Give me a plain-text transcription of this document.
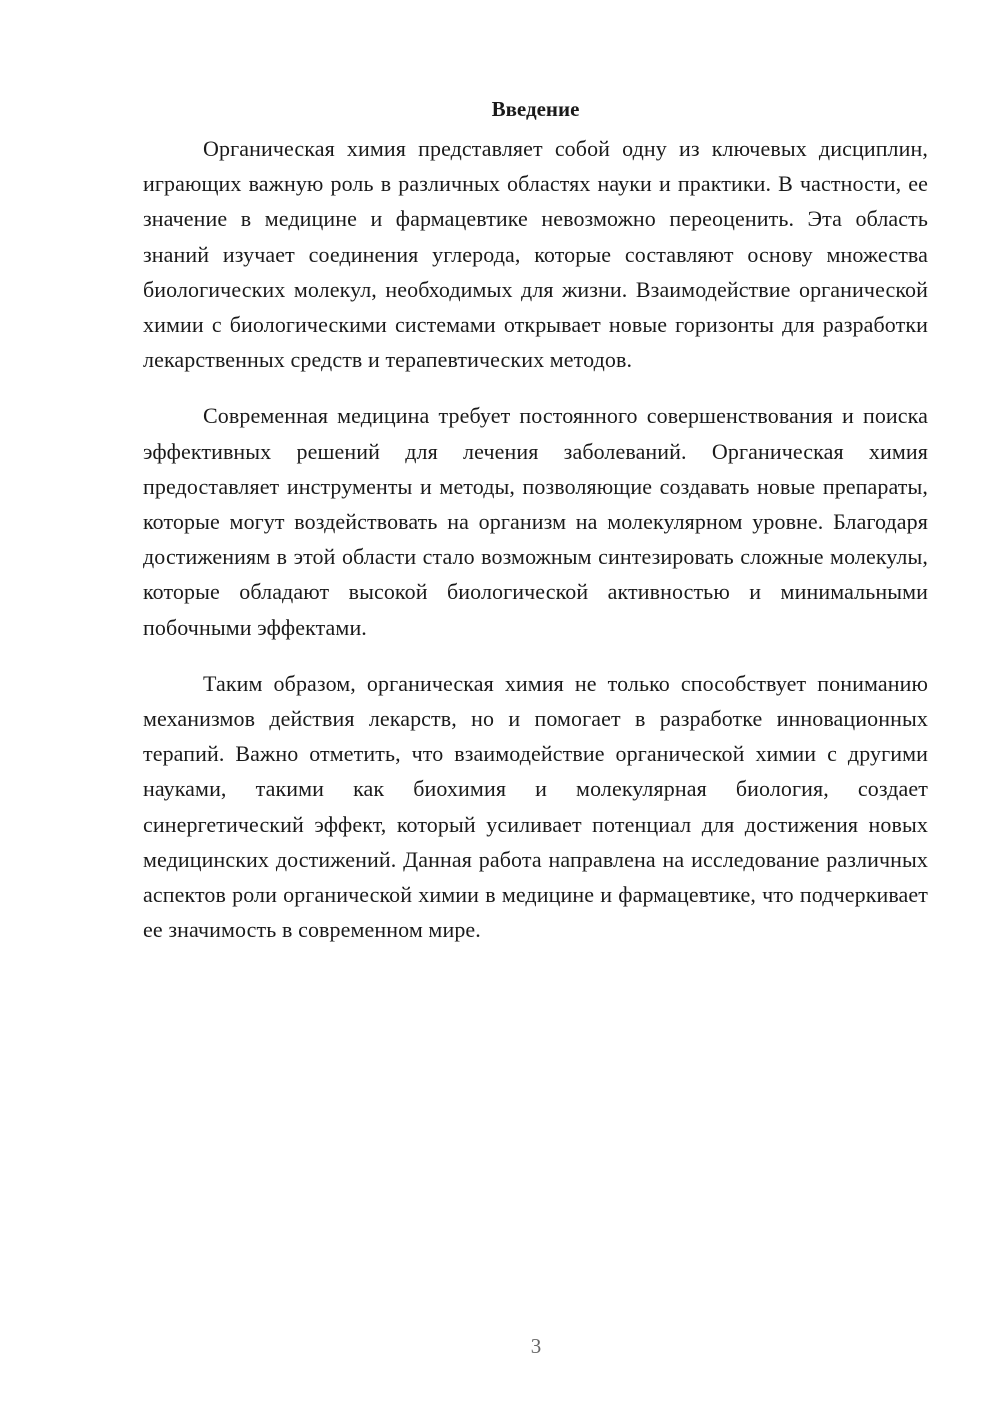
Введение

Органическая химия представляет собой одну из ключевых дисциплин, играющих важную роль в различных областях науки и практики. В частности, ее значение в медицине и фармацевтике невозможно переоценить. Эта область знаний изучает соединения углерода, которые составляют основу множества биологических молекул, необходимых для жизни. Взаимодействие органической химии с биологическими системами открывает новые горизонты для разработки лекарственных средств и терапевтических методов.

Современная медицина требует постоянного совершенствования и поиска эффективных решений для лечения заболеваний. Органическая химия предоставляет инструменты и методы, позволяющие создавать новые препараты, которые могут воздействовать на организм на молекулярном уровне. Благодаря достижениям в этой области стало возможным синтезировать сложные молекулы, которые обладают высокой биологической активностью и минимальными побочными эффектами.

Таким образом, органическая химия не только способствует пониманию механизмов действия лекарств, но и помогает в разработке инновационных терапий. Важно отметить, что взаимодействие органической химии с другими науками, такими как биохимия и молекулярная биология, создает синергетический эффект, который усиливает потенциал для достижения новых медицинских достижений. Данная работа направлена на исследование различных аспектов роли органической химии в медицине и фармацевтике, что подчеркивает ее значимость в современном мире.

3
